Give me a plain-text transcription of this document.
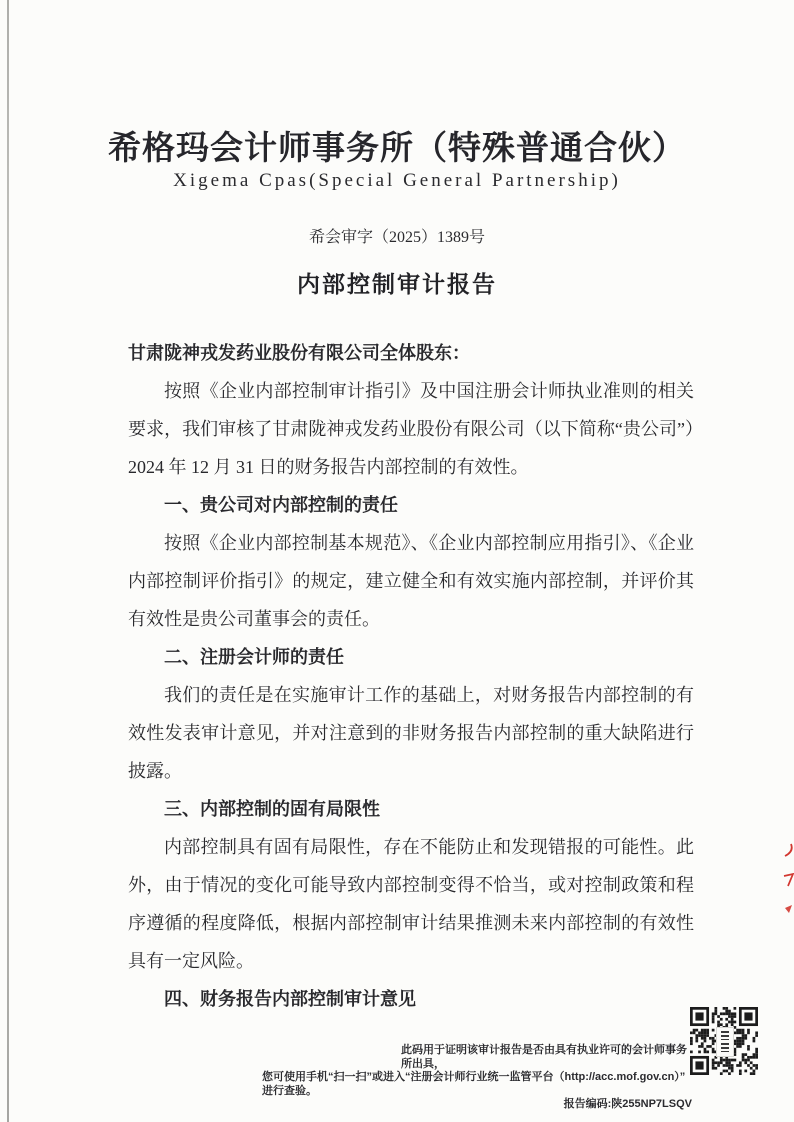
希格玛会计师事务所（特殊普通合伙）
Xigema Cpas(Special General Partnership)
希会审字（2025）1389号
内部控制审计报告

甘肃陇神戎发药业股份有限公司全体股东：

按照《企业内部控制审计指引》及中国注册会计师执业准则的相关要求，我们审核了甘肃陇神戎发药业股份有限公司（以下简称“贵公司”）2024 年 12 月 31 日的财务报告内部控制的有效性。

一、贵公司对内部控制的责任

按照《企业内部控制基本规范》、《企业内部控制应用指引》、《企业内部控制评价指引》的规定，建立健全和有效实施内部控制，并评价其有效性是贵公司董事会的责任。

二、注册会计师的责任

我们的责任是在实施审计工作的基础上，对财务报告内部控制的有效性发表审计意见，并对注意到的非财务报告内部控制的重大缺陷进行披露。

三、内部控制的固有局限性

内部控制具有固有局限性，存在不能防止和发现错报的可能性。此外，由于情况的变化可能导致内部控制变得不恰当，或对控制政策和程序遵循的程度降低，根据内部控制审计结果推测未来内部控制的有效性具有一定风险。

四、财务报告内部控制审计意见
此码用于证明该审计报告是否由具有执业许可的会计师事务所出具，
您可使用手机“扫一扫”或进入“注册会计师行业统一监管平台（http://acc.mof.gov.cn）” 进行查验。
报告编码:陕255NP7LSQV
